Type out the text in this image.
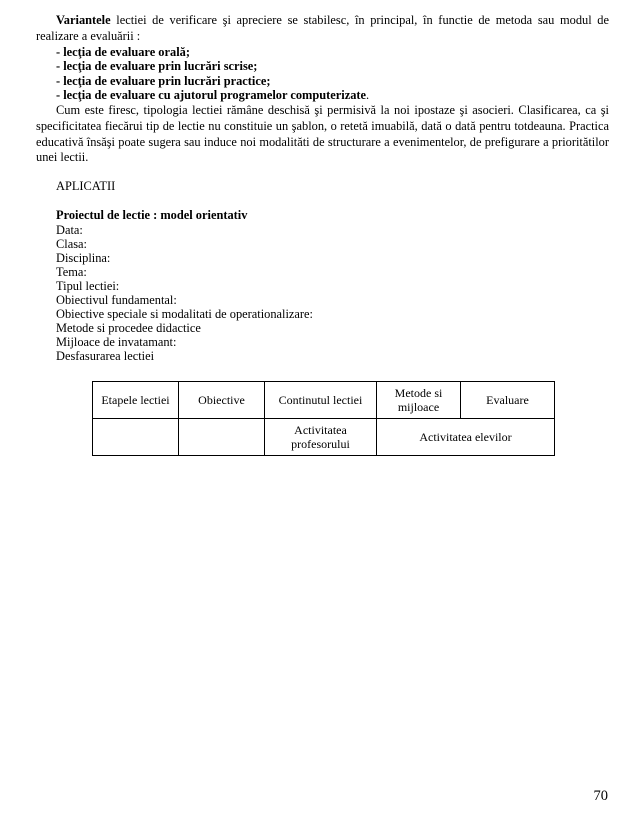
Variantele lectiei de verificare şi apreciere se stabilesc, în principal, în functie de metoda sau modul de realizare a evaluării :

- lecţia de evaluare orală;
- lecţia de evaluare prin lucrări scrise;
- lecţia de evaluare prin lucrări practice;
- lecţia de evaluare cu ajutorul programelor computerizate.

Cum este firesc, tipologia lectiei rămâne deschisă şi permisivă la noi ipostaze şi asocieri. Clasificarea, ca şi specificitatea fiecărui tip de lectie nu constituie un şablon, o retetă imuabilă, dată o dată pentru totdeauna. Practica educativă însăşi poate sugera sau induce noi modalităti de structurare a evenimentelor, de prefigurare a prioritătilor unei lectii.

APLICATII

Proiectul de lectie : model orientativ

Data:

Clasa:

Disciplina:

Tema:

Tipul lectiei:

Obiectivul fundamental:

Obiective speciale si modalitati de operationalizare:

Metode si procedee didactice

Mijloace de invatamant:

Desfasurarea lectiei

Etapele lectiei	Obiective	Continutul lectiei	Metode si mijloace	Evaluare
		Activitatea profesorului	Activitatea elevilor	
70
